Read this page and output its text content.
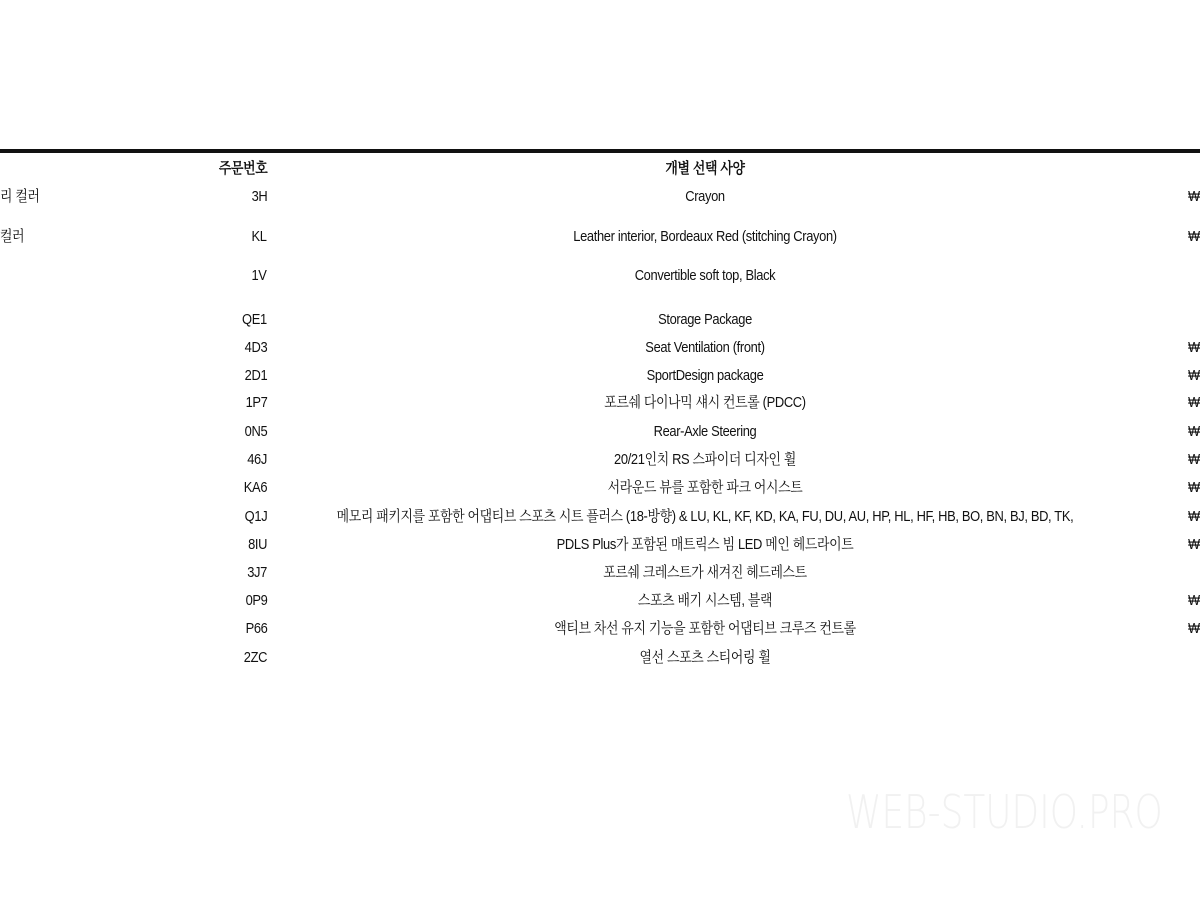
주문번호	개별 선택 사양
리 컬러	3H	Crayon	₩
컬러	KL	Leather interior, Bordeaux Red (stitching Crayon)	₩
1V	Convertible soft top, Black
QE1	Storage Package
4D3	Seat Ventilation (front)	₩
2D1	SportDesign package	₩
1P7	포르쉐 다이나믹 섀시 컨트롤 (PDCC)	₩
0N5	Rear-Axle Steering	₩
46J	20/21인치 RS 스파이더 디자인 휠	₩
KA6	서라운드 뷰를 포함한 파크 어시스트	₩
Q1J	메모리 패키지를 포함한 어댑티브 스포츠 시트 플러스 (18-방향) & LU, KL, KF, KD, KA, FU, DU, AU, HP, HL, HF, HB, BO, BN, BJ, BD, TK,	₩
8IU	PDLS Plus가 포함된 매트릭스 빔 LED 메인 헤드라이트	₩
3J7	포르쉐 크레스트가 새겨진 헤드레스트
0P9	스포츠 배기 시스템, 블랙	₩
P66	액티브 차선 유지 기능을 포함한 어댑티브 크루즈 컨트롤	₩
2ZC	열선 스포츠 스티어링 휠
WEB-STUDIO.PRO
